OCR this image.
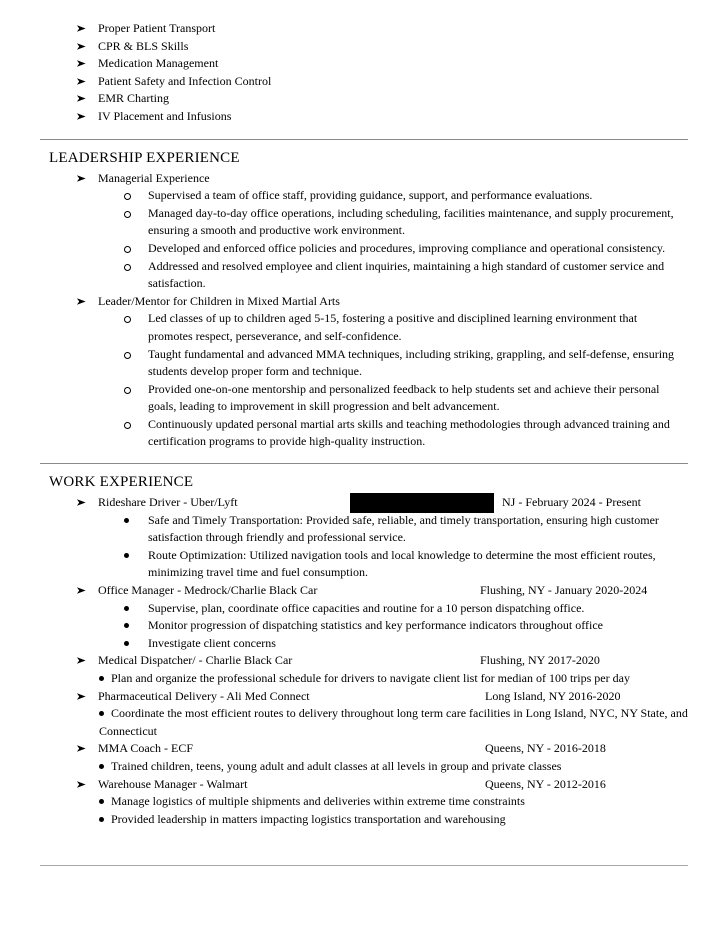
Proper Patient Transport
CPR & BLS Skills
Medication Management
Patient Safety and Infection Control
EMR Charting
IV Placement and Infusions
LEADERSHIP EXPERIENCE
Managerial Experience

Supervised a team of office staff, providing guidance, support, and performance evaluations.

Managed day-to-day office operations, including scheduling, facilities maintenance, and supply procurement, ensuring a smooth and productive work environment.

Developed and enforced office policies and procedures, improving compliance and operational consistency.

Addressed and resolved employee and client inquiries, maintaining a high standard of customer service and satisfaction.

Leader/Mentor for Children in Mixed Martial Arts

Led classes of up to children aged 5-15, fostering a positive and disciplined learning environment that promotes respect, perseverance, and self-confidence.

Taught fundamental and advanced MMA techniques, including striking, grappling, and self-defense, ensuring students develop proper form and technique.

Provided one-on-one mentorship and personalized feedback to help students set and achieve their personal goals, leading to improvement in skill progression and belt advancement.

Continuously updated personal martial arts skills and teaching methodologies through advanced training and certification programs to provide high-quality instruction.

WORK EXPERIENCE
Rideshare Driver - Uber/Lyft	NJ - February 2024 - Present

Safe and Timely Transportation: Provided safe, reliable, and timely transportation, ensuring high customer satisfaction through friendly and professional service.

Route Optimization: Utilized navigation tools and local knowledge to determine the most efficient routes, minimizing travel time and fuel consumption.

Office Manager - Medrock/Charlie Black Car	Flushing, NY - January 2020-2024

Supervise, plan, coordinate office capacities and routine for a 10 person dispatching office.

Monitor progression of dispatching statistics and key performance indicators throughout office

Investigate client concerns

Medical Dispatcher/ - Charlie Black Car	Flushing, NY 2017-2020

Plan and organize the professional schedule for drivers to navigate client list for median of 100 trips per day

Pharmaceutical Delivery - Ali Med Connect	Long Island, NY 2016-2020

Coordinate the most efficient routes to delivery throughout long term care facilities in Long Island, NYC, NY State, and Connecticut

MMA Coach - ECF	Queens, NY - 2016-2018

Trained children, teens, young adult and adult classes at all levels in group and private classes

Warehouse Manager - Walmart	Queens, NY - 2012-2016

Manage logistics of multiple shipments and deliveries within extreme time constraints

Provided leadership in matters impacting logistics transportation and warehousing
